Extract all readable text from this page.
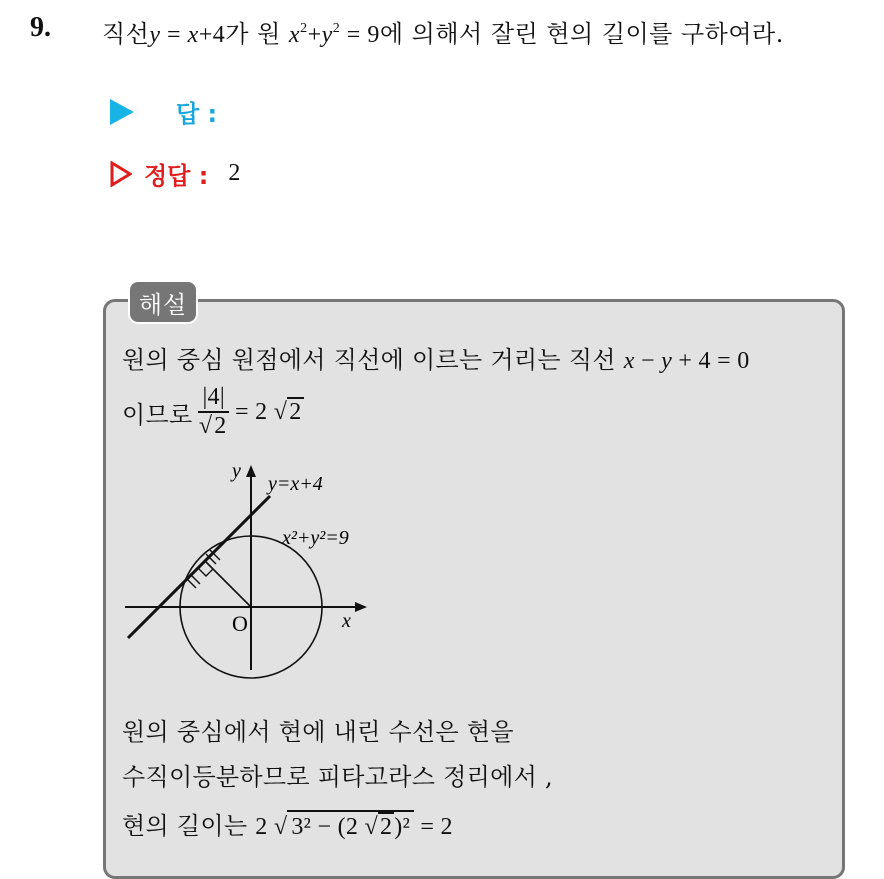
9. 직선y = x+4가 원 $x^2+y^2 = 9$에 의해서 잘린 현의 길이를 구하여라.
답 :
정답 : 2
해설
원의 중심 원점에서 직선에 이르는 거리는 직선 x − y + 4 = 0
이므로 $\frac{|4|}{√2} = 2$ √2
y
y=x+4
x²+y²=9
O	x
원의 중심에서 현에 내린 수선은 현을
수직이등분하므로 피타고라스 정리에서 ,
현의 길이는 2 √ 3² − (2 √2)² = 2
